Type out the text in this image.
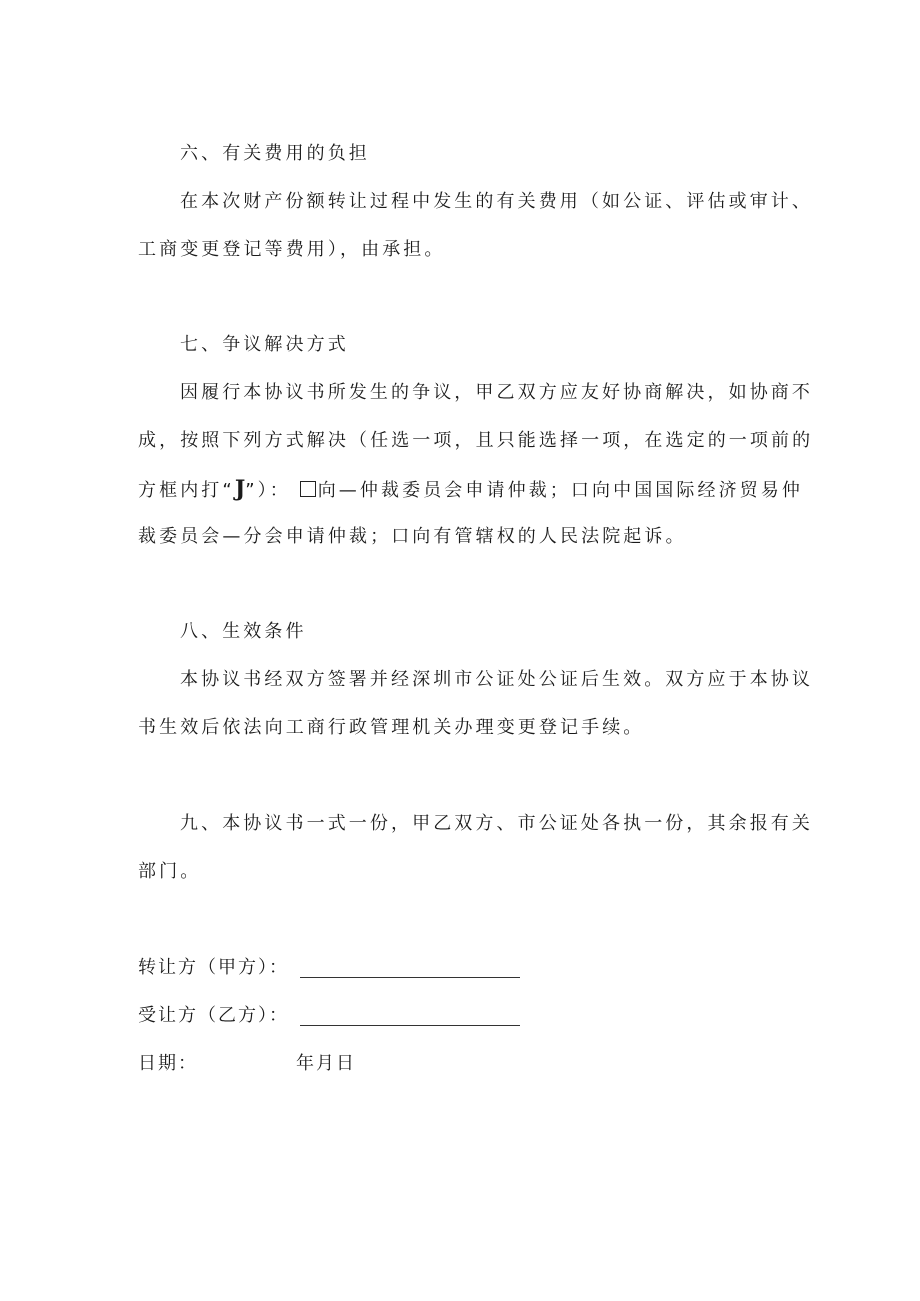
六、有关费用的负担
在本次财产份额转让过程中发生的有关费用（如公证、评估或审计、
工商变更登记等费用），由承担。
七、争议解决方式
因履行本协议书所发生的争议，甲乙双方应友好协商解决，如协商不
成，按照下列方式解决（任选一项，且只能选择一项，在选定的一项前的
方框内打“J”）： 向—仲裁委员会申请仲裁；口向中国国际经济贸易仲
裁委员会—分会申请仲裁；口向有管辖权的人民法院起诉。
八、生效条件
本协议书经双方签署并经深圳市公证处公证后生效。双方应于本协议
书生效后依法向工商行政管理机关办理变更登记手续。
九、本协议书一式一份，甲乙双方、市公证处各执一份，其余报有关
部门。
转让方（甲方）：
受让方（乙方）：
日期：	年月日
